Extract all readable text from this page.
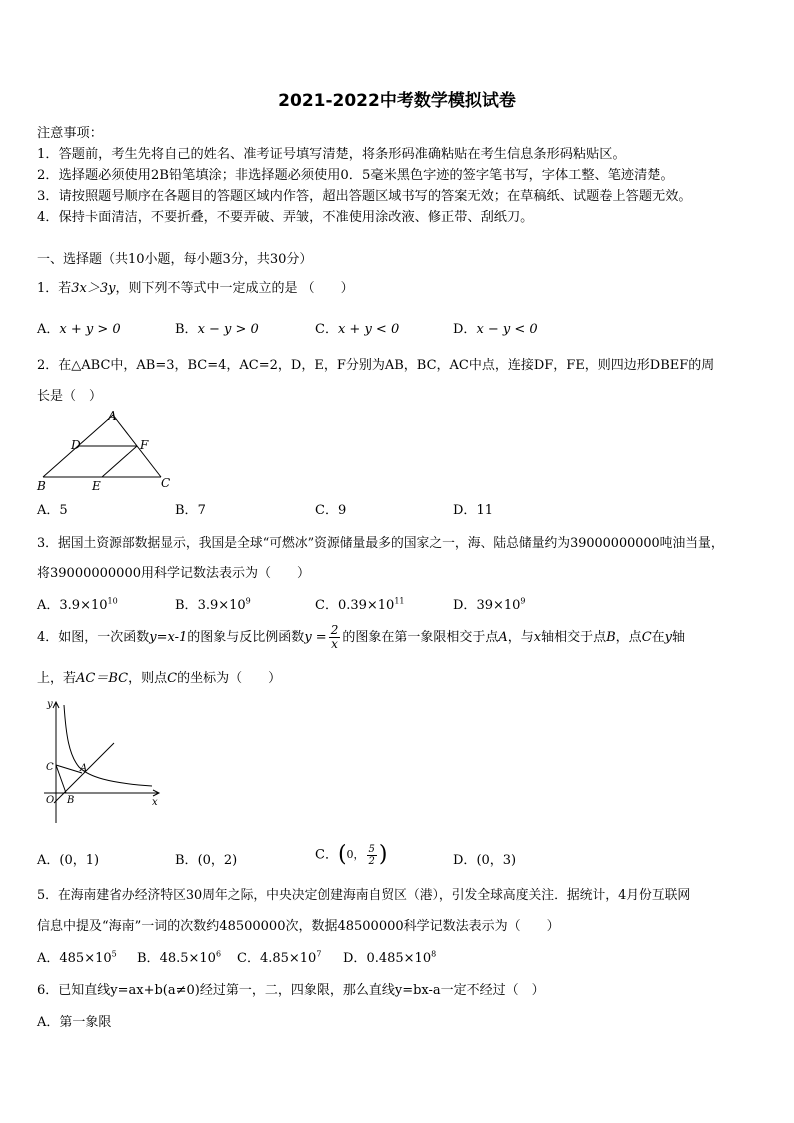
2021-2022中考数学模拟试卷
注意事项：
1．答题前，考生先将自己的姓名、准考证号填写清楚，将条形码准确粘贴在考生信息条形码粘贴区。
2．选择题必须使用2B铅笔填涂；非选择题必须使用0．5毫米黑色字迹的签字笔书写，字体工整、笔迹清楚。
3．请按照题号顺序在各题目的答题区域内作答，超出答题区域书写的答案无效；在草稿纸、试题卷上答题无效。
4．保持卡面清洁，不要折叠，不要弄破、弄皱，不准使用涂改液、修正带、刮纸刀。
一、选择题（共10小题，每小题3分，共30分）
1．若3x＞3y，则下列不等式中一定成立的是 （　　）
A．x + y > 0	B．x − y > 0	C．x + y < 0	D．x − y < 0
2．在△ABC中，AB=3，BC=4，AC=2，D，E，F分别为AB，BC，AC中点，连接DF，FE，则四边形DBEF的周
长是（　）
A
D	F
B	E	C
A．5	B．7	C．9	D．11
3．据国土资源部数据显示，我国是全球“可燃冰”资源储量最多的国家之一，海、陆总储量约为39000000000吨油当量，
将39000000000用科学记数法表示为（　　）
A．$3.9\times 10^{10}$	B．$3.9\times 10^9$	C．$0.39\times 10^{11}$	D．$39\times 10^9$
4．如图，一次函数y=x-1的图象与反比例函数$y = \frac{2}{x}$ 的图象在第一象限相交于点A，与x轴相交于点B，点C在y轴
上，若AC＝BC，则点C的坐标为（　　）
y
x
O B
C	A
A．(0，1)	B．(0，2)	C．(0， $\frac{5}{2}$ )	D．(0，3)
5．在海南建省办经济特区30周年之际，中央决定创建海南自贸区（港），引发全球高度关注．据统计，4月份互联网
信息中提及“海南”一词的次数约48500000次，数据48500000科学记数法表示为（　　）
A．$485\times 10^5$ B．$48.5\times 10^6$ C．$4.85\times 10^7$ D．$0.485\times 10^8$
6．已知直线y=ax+b(a≠0)经过第一，二，四象限，那么直线y=bx-a一定不经过（　）
A．第一象限
